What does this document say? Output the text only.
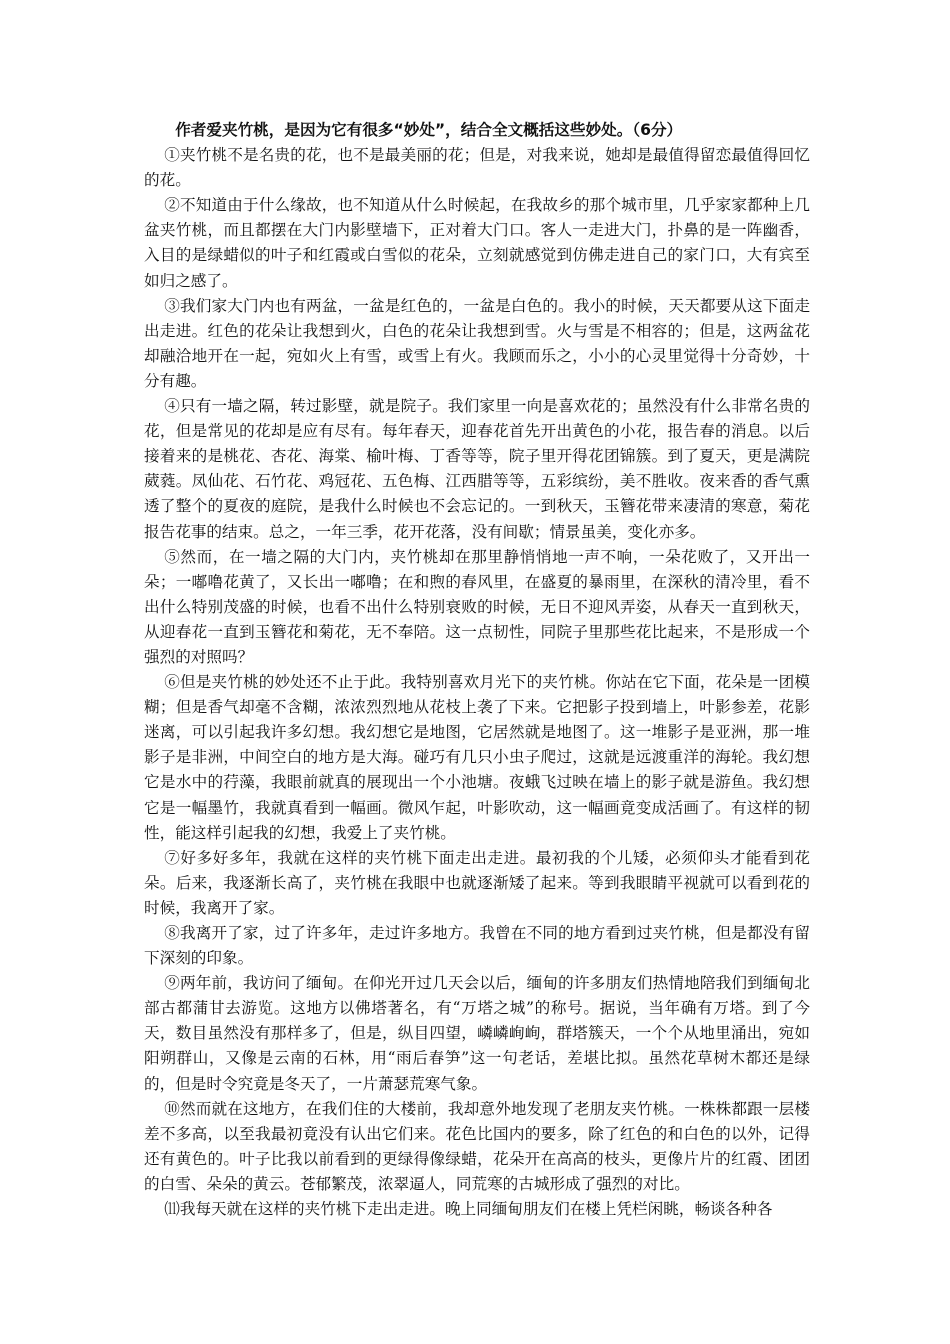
作者爱夹竹桃，是因为它有很多“妙处”，结合全文概括这些妙处。（6分）

①夹竹桃不是名贵的花，也不是最美丽的花；但是，对我来说，她却是最值得留恋最值得回忆的花。

②不知道由于什么缘故，也不知道从什么时候起，在我故乡的那个城市里，几乎家家都种上几盆夹竹桃，而且都摆在大门内影壁墙下，正对着大门口。客人一走进大门，扑鼻的是一阵幽香，入目的是绿蜡似的叶子和红霞或白雪似的花朵，立刻就感觉到仿佛走进自己的家门口，大有宾至如归之感了。

③我们家大门内也有两盆，一盆是红色的，一盆是白色的。我小的时候，天天都要从这下面走出走进。红色的花朵让我想到火，白色的花朵让我想到雪。火与雪是不相容的；但是，这两盆花却融洽地开在一起，宛如火上有雪，或雪上有火。我顾而乐之，小小的心灵里觉得十分奇妙，十分有趣。

④只有一墙之隔，转过影壁，就是院子。我们家里一向是喜欢花的；虽然没有什么非常名贵的花，但是常见的花却是应有尽有。每年春天，迎春花首先开出黄色的小花，报告春的消息。以后接着来的是桃花、杏花、海棠、榆叶梅、丁香等等，院子里开得花团锦簇。到了夏天，更是满院葳蕤。凤仙花、石竹花、鸡冠花、五色梅、江西腊等等，五彩缤纷，美不胜收。夜来香的香气熏透了整个的夏夜的庭院，是我什么时候也不会忘记的。一到秋天，玉簪花带来凄清的寒意，菊花报告花事的结束。总之，一年三季，花开花落，没有间歇；情景虽美，变化亦多。

⑤然而，在一墙之隔的大门内，夹竹桃却在那里静悄悄地一声不响，一朵花败了，又开出一朵；一嘟噜花黄了，又长出一嘟噜；在和煦的春风里，在盛夏的暴雨里，在深秋的清冷里，看不出什么特别茂盛的时候，也看不出什么特别衰败的时候，无日不迎风弄姿，从春天一直到秋天，从迎春花一直到玉簪花和菊花，无不奉陪。这一点韧性，同院子里那些花比起来，不是形成一个强烈的对照吗？

⑥但是夹竹桃的妙处还不止于此。我特别喜欢月光下的夹竹桃。你站在它下面，花朵是一团模糊；但是香气却毫不含糊，浓浓烈烈地从花枝上袭了下来。它把影子投到墙上，叶影参差，花影迷离，可以引起我许多幻想。我幻想它是地图，它居然就是地图了。这一堆影子是亚洲，那一堆影子是非洲，中间空白的地方是大海。碰巧有几只小虫子爬过，这就是远渡重洋的海轮。我幻想它是水中的荇藻，我眼前就真的展现出一个小池塘。夜蛾飞过映在墙上的影子就是游鱼。我幻想它是一幅墨竹，我就真看到一幅画。微风乍起，叶影吹动，这一幅画竟变成活画了。有这样的韧性，能这样引起我的幻想，我爱上了夹竹桃。

⑦好多好多年，我就在这样的夹竹桃下面走出走进。最初我的个儿矮，必须仰头才能看到花朵。后来，我逐渐长高了，夹竹桃在我眼中也就逐渐矮了起来。等到我眼睛平视就可以看到花的时候，我离开了家。

⑧我离开了家，过了许多年，走过许多地方。我曾在不同的地方看到过夹竹桃，但是都没有留下深刻的印象。

⑨两年前，我访问了缅甸。在仰光开过几天会以后，缅甸的许多朋友们热情地陪我们到缅甸北部古都蒲甘去游览。这地方以佛塔著名，有“万塔之城”的称号。据说，当年确有万塔。到了今天，数目虽然没有那样多了，但是，纵目四望，嶙嶙峋峋，群塔簇天，一个个从地里涌出，宛如阳朔群山，又像是云南的石林，用“雨后春笋”这一句老话，差堪比拟。虽然花草树木都还是绿的，但是时令究竟是冬天了，一片萧瑟荒寒气象。

⑩然而就在这地方，在我们住的大楼前，我却意外地发现了老朋友夹竹桃。一株株都跟一层楼差不多高，以至我最初竟没有认出它们来。花色比国内的要多，除了红色的和白色的以外，记得还有黄色的。叶子比我以前看到的更绿得像绿蜡，花朵开在高高的枝头，更像片片的红霞、团团的白雪、朵朵的黄云。苍郁繁茂，浓翠逼人，同荒寒的古城形成了强烈的对比。

⑾我每天就在这样的夹竹桃下走出走进。晚上同缅甸朋友们在楼上凭栏闲眺，畅谈各种各
